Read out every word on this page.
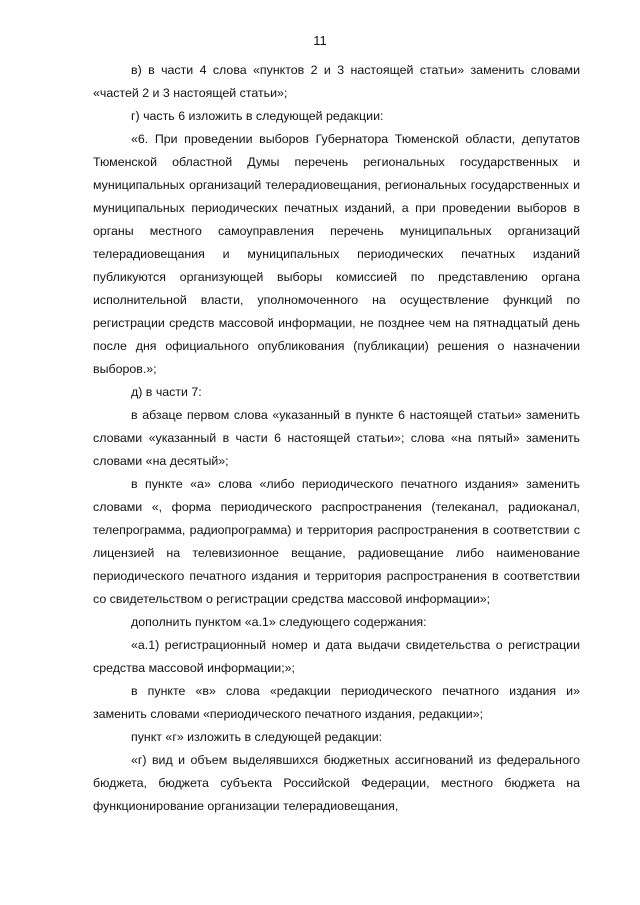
11

в) в части 4 слова «пунктов 2 и 3 настоящей статьи» заменить словами «частей 2 и 3 настоящей статьи»;

г) часть 6 изложить в следующей редакции:

«6. При проведении выборов Губернатора Тюменской области, депутатов Тюменской областной Думы перечень региональных государственных и муниципальных организаций телерадиовещания, региональных государственных и муниципальных периодических печатных изданий, а при проведении выборов в органы местного самоуправления перечень муниципальных организаций телерадиовещания и муниципальных периодических печатных изданий публикуются организующей выборы комиссией по представлению органа исполнительной власти, уполномоченного на осуществление функций по регистрации средств массовой информации, не позднее чем на пятнадцатый день после дня официального опубликования (публикации) решения о назначении выборов.»;

д) в части 7:

в абзаце первом слова «указанный в пункте 6 настоящей статьи» заменить словами «указанный в части 6 настоящей статьи»; слова «на пятый» заменить словами «на десятый»;

в пункте «а» слова «либо периодического печатного издания» заменить словами «, форма периодического распространения (телеканал, радиоканал, телепрограмма, радиопрограмма) и территория распространения в соответствии с лицензией на телевизионное вещание, радиовещание либо наименование периодического печатного издания и территория распространения в соответствии со свидетельством о регистрации средства массовой информации»;

дополнить пунктом «а.1» следующего содержания:

«а.1) регистрационный номер и дата выдачи свидетельства о регистрации средства массовой информации;»;

в пункте «в» слова «редакции периодического печатного издания и» заменить словами «периодического печатного издания, редакции»;

пункт «г» изложить в следующей редакции:

«г) вид и объем выделявшихся бюджетных ассигнований из федерального бюджета, бюджета субъекта Российской Федерации, местного бюджета на функционирование организации телерадиовещания,
